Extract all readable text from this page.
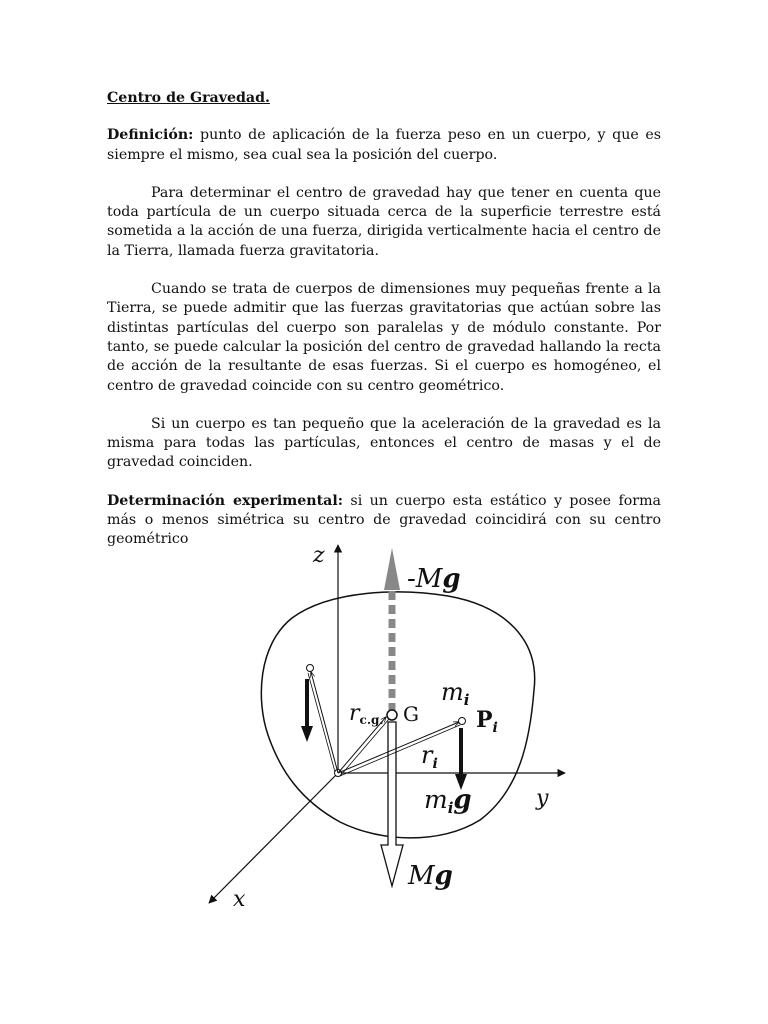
Centro de Gravedad.

Definición: punto de aplicación de la fuerza peso en un cuerpo, y que es siempre el mismo, sea cual sea la posición del cuerpo.

Para determinar el centro de gravedad hay que tener en cuenta que toda partícula de un cuerpo situada cerca de la superficie terrestre está sometida a la acción de una fuerza, dirigida verticalmente hacia el centro de la Tierra, llamada fuerza gravitatoria.

Cuando se trata de cuerpos de dimensiones muy pequeñas frente a la Tierra, se puede admitir que las fuerzas gravitatorias que actúan sobre las distintas partículas del cuerpo son paralelas y de módulo constante. Por tanto, se puede calcular la posición del centro de gravedad hallando la recta de acción de la resultante de esas fuerzas. Si el cuerpo es homogéneo, el centro de gravedad coincide con su centro geométrico.

Si un cuerpo es tan pequeño que la aceleración de la gravedad es la misma para todas las partículas, entonces el centro de masas y el de gravedad coinciden.

Determinación experimental: si un cuerpo esta estático y posee forma más o menos simétrica su centro de gravedad coincidirá con su centro geométrico

z
y
x
-Mg
Mg
rc.g. G
$m_i$
$P_i$
$r_i$
$m_ig$
